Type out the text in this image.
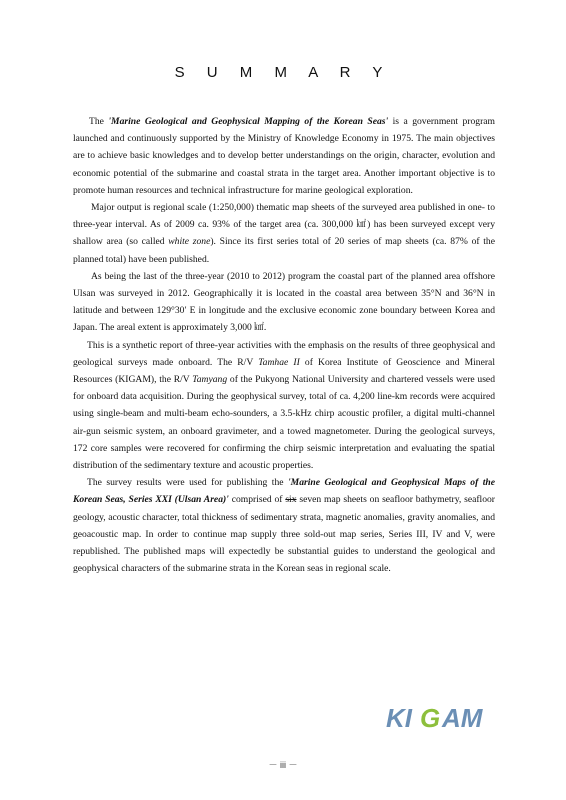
S U M M A R Y

The 'Marine Geological and Geophysical Mapping of the Korean Seas' is a government program launched and continuously supported by the Ministry of Knowledge Economy in 1975. The main objectives are to achieve basic knowledges and to develop better understandings on the origin, character, evolution and economic potential of the submarine and coastal strata in the target area. Another important objective is to promote human resources and technical infrastructure for marine geological exploration.

Major output is regional scale (1:250,000) thematic map sheets of the surveyed area published in one- to three-year interval. As of 2009 ca. 93% of the target area (ca. 300,000 ㎢) has been surveyed except very shallow area (so called white zone). Since its first series total of 20 series of map sheets (ca. 87% of the planned total) have been published.

As being the last of the three-year (2010 to 2012) program the coastal part of the planned area offshore Ulsan was surveyed in 2012. Geographically it is located in the coastal area between 35°N and 36°N in latitude and between 129°30′ E in longitude and the exclusive economic zone boundary between Korea and Japan. The areal extent is approximately 3,000 ㎢.

This is a synthetic report of three-year activities with the emphasis on the results of three geophysical and geological surveys made onboard. The R/V Tamhae II of Korea Institute of Geoscience and Mineral Resources (KIGAM), the R/V Tamyang of the Pukyong National University and chartered vessels were used for onboard data acquisition. During the geophysical survey, total of ca. 4,200 line-km records were acquired using single-beam and multi-beam echo-sounders, a 3.5-kHz chirp acoustic profiler, a digital multi-channel air-gun seismic system, an onboard gravimeter, and a towed magnetometer. During the geological surveys, 172 core samples were recovered for confirming the chirp seismic interpretation and evaluating the spatial distribution of the sedimentary texture and acoustic properties.

The survey results were used for publishing the 'Marine Geological and Geophysical Maps of the Korean Seas, Series XXI (Ulsan Area)' comprised of six seven map sheets on seafloor bathymetry, seafloor geology, acoustic character, total thickness of sedimentary strata, magnetic anomalies, gravity anomalies, and geoacoustic map. In order to continue map supply three sold-out map series, Series III, IV and V, were republished. The published maps will expectedly be substantial guides to understand the geological and geophysical characters of the submarine strata in the Korean seas in regional scale.

KI G AM
－ iii －
